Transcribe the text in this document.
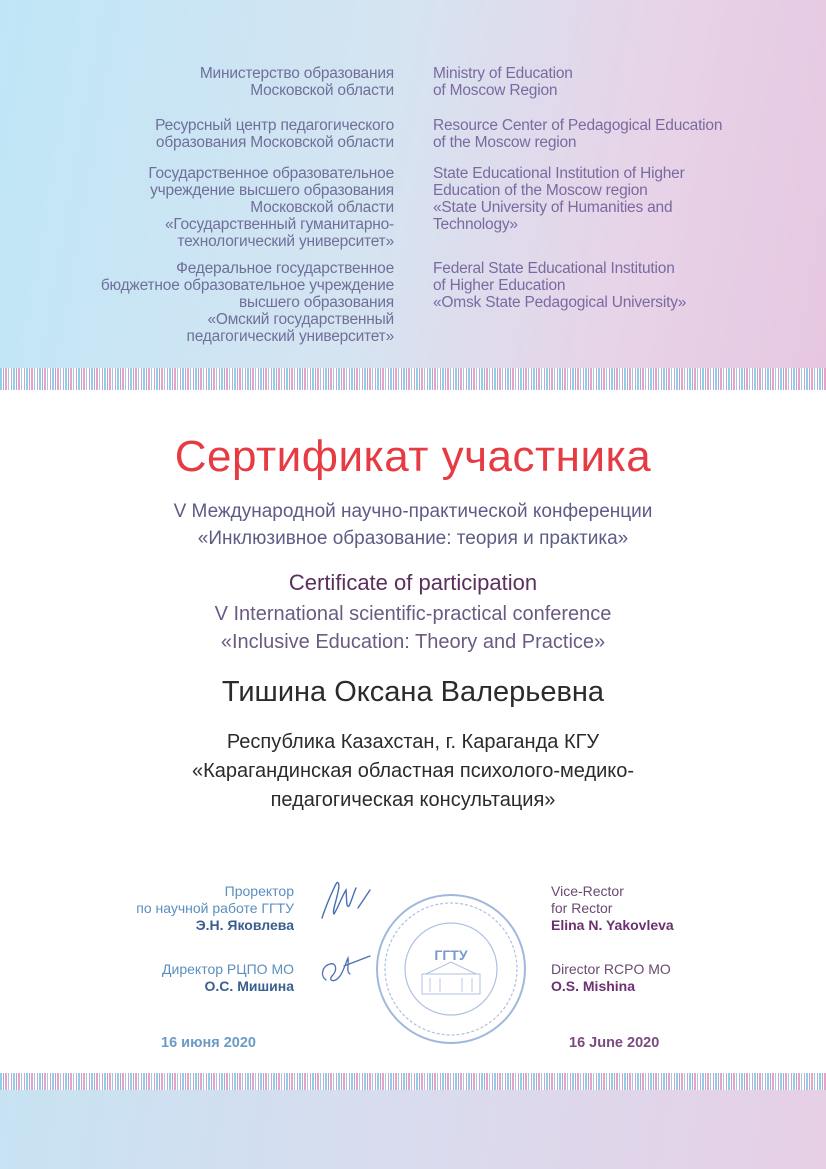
Министерство образования
Московской области
Ресурсный центр педагогического
образования Московской области
Государственное образовательное
учреждение высшего образования
Московской области
«Государственный гуманитарно-
технологический университет»
Федеральное государственное
бюджетное образовательное учреждение
высшего образования
«Омский государственный
педагогический университет»
Ministry of Education
of Moscow Region
Resource Center of Pedagogical Education
of the Moscow region
State Educational Institution of Higher
Education of the Moscow region
«State University of Humanities and
Technology»
Federal State Educational Institution
of Higher Education
«Omsk State Pedagogical University»
Сертификат участника
V Международной научно-практической конференции
«Инклюзивное образование: теория и практика»
Certificate of participation
V International scientific-practical conference
«Inclusive Education: Theory and Practice»
Тишина Оксана Валерьевна
Республика Казахстан, г. Караганда КГУ
«Карагандинская областная психолого-медико-
педагогическая консультация»
Проректор
по научной работе ГГТУ
Э.Н. Яковлева
Директор РЦПО МО
О.С. Мишина
Vice-Rector
for Rector
Elina N. Yakovleva
Director RCPO MO
O.S. Mishina
ГГТУ
16 июня 2020	16 June 2020
